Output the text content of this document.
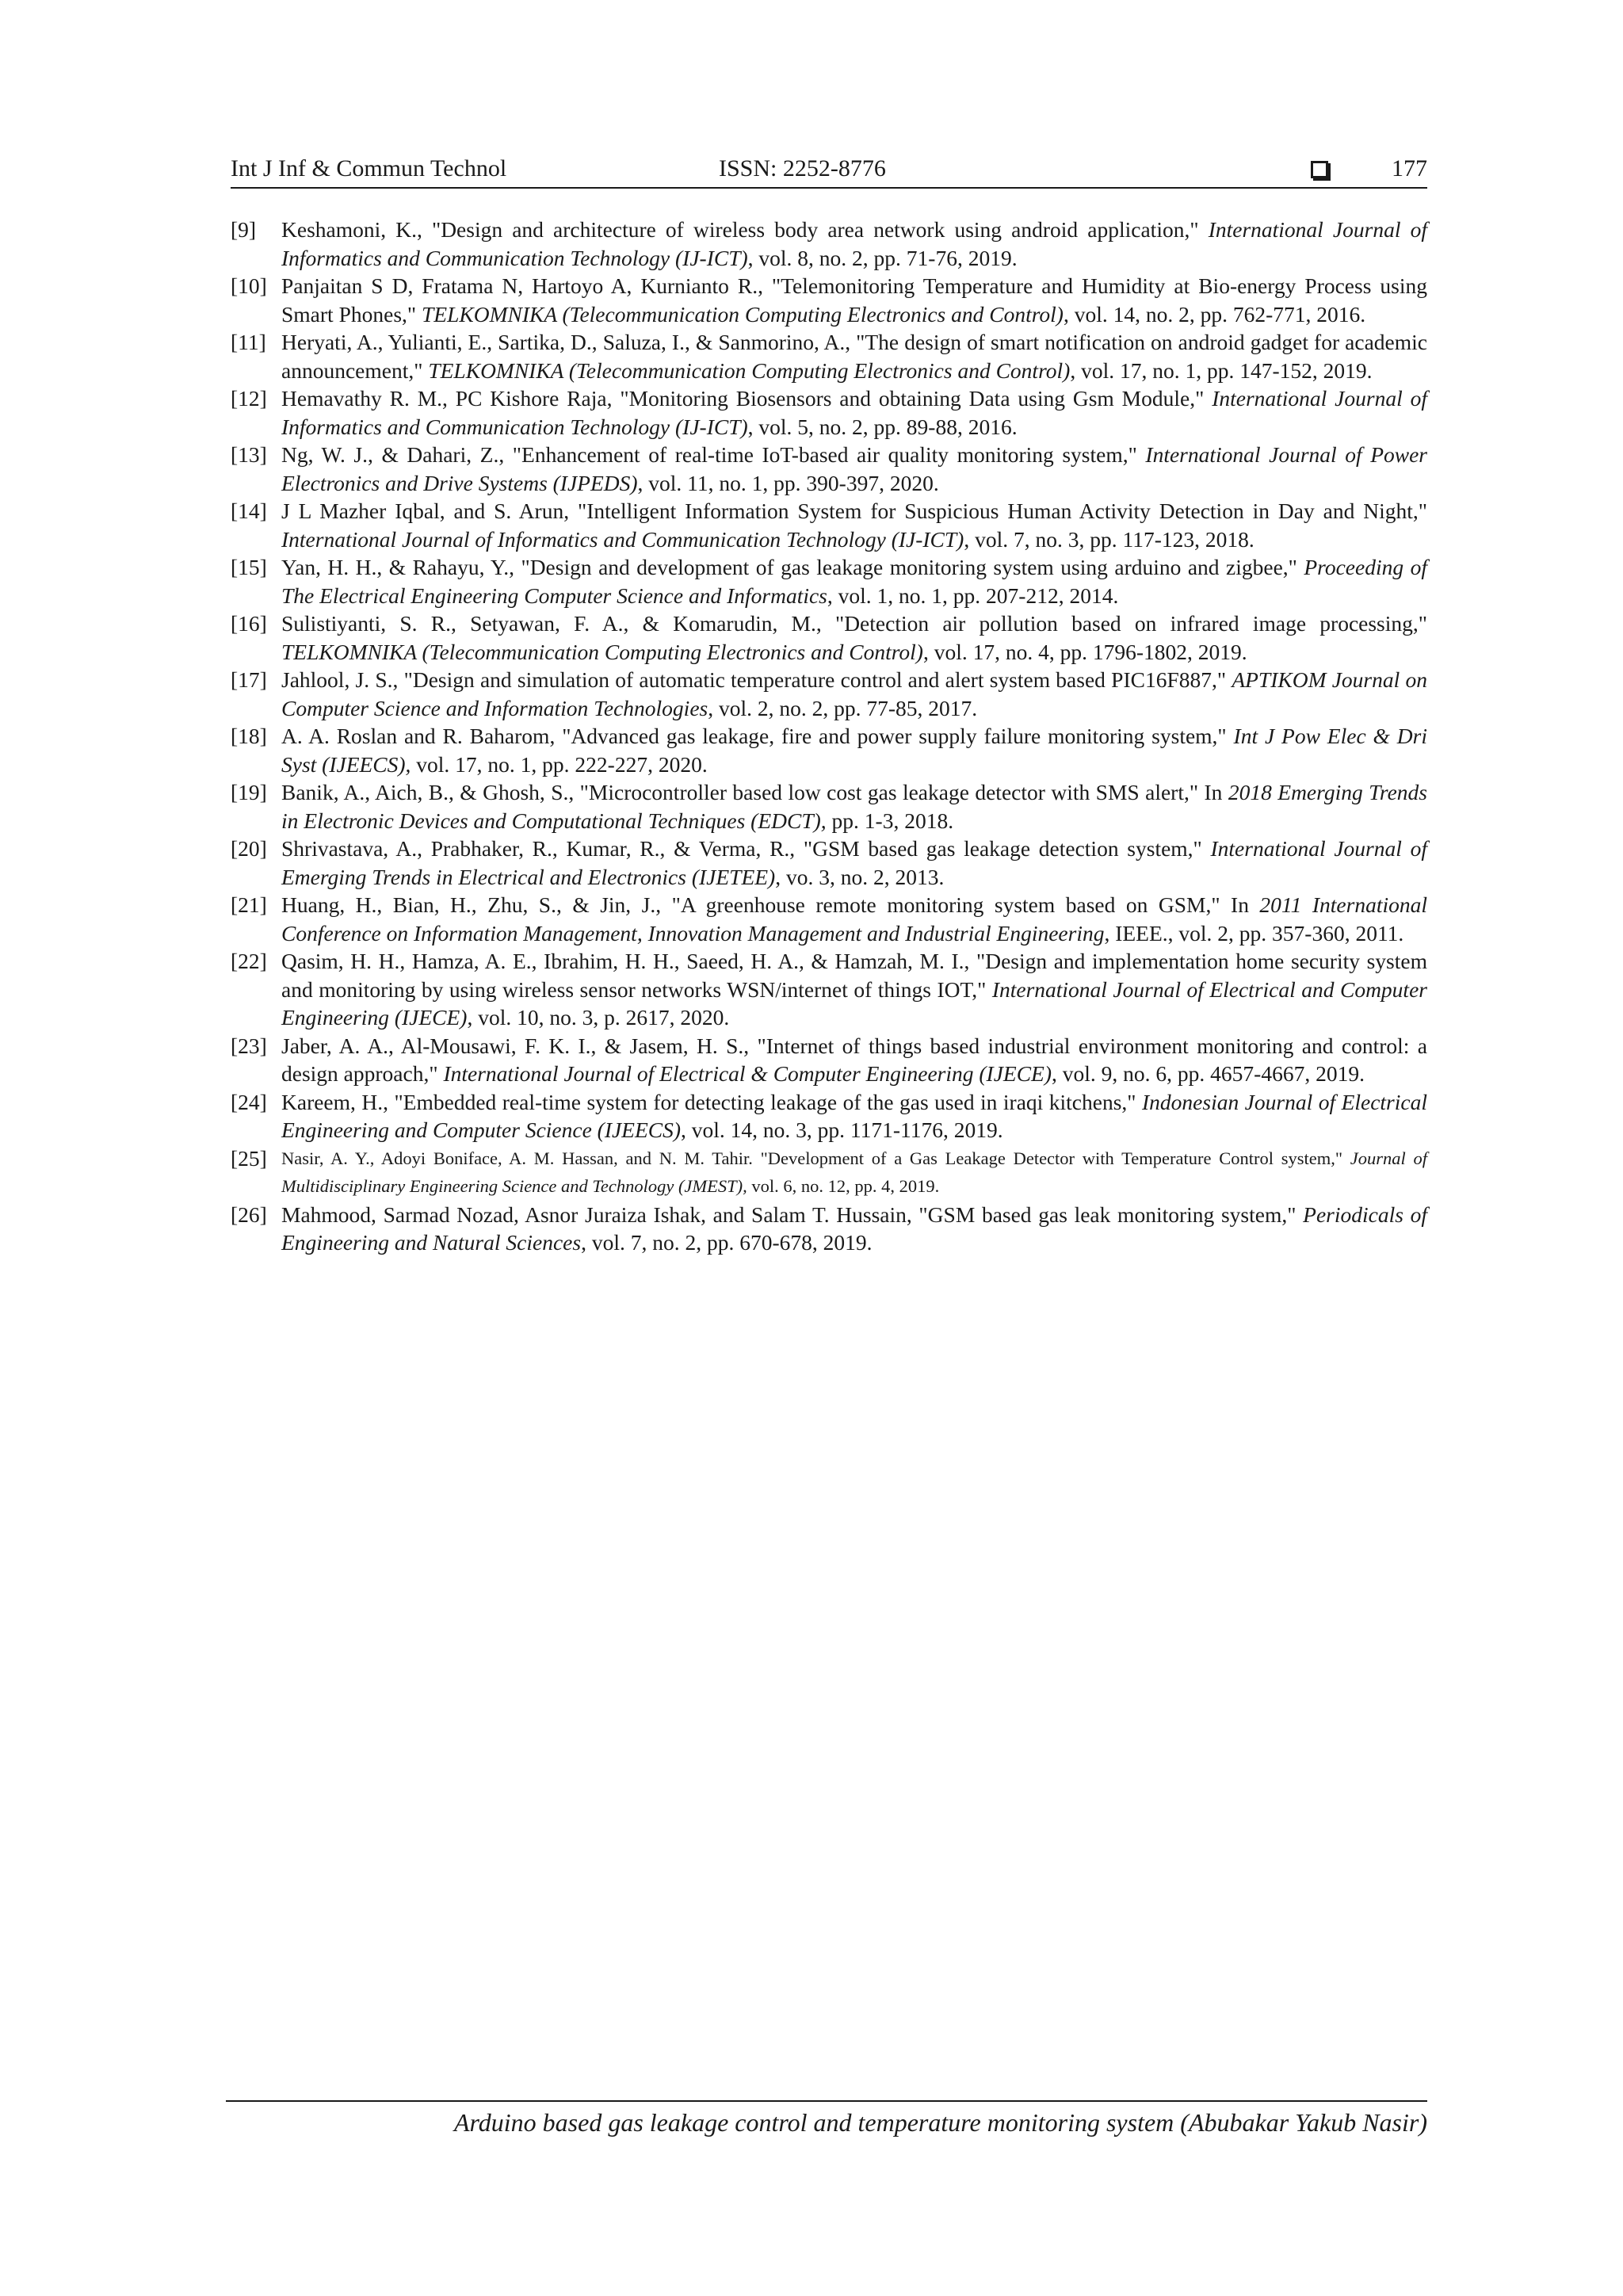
Int J Inf & Commun Technol	ISSN: 2252-8776	177
[9]	Keshamoni, K., "Design and architecture of wireless body area network using android application," International Journal of Informatics and Communication Technology (IJ-ICT), vol. 8, no. 2, pp. 71-76, 2019.
[10] Panjaitan S D, Fratama N, Hartoyo A, Kurnianto R., "Telemonitoring Temperature and Humidity at Bio-energy Process using Smart Phones," TELKOMNIKA (Telecommunication Computing Electronics and Control), vol. 14, no. 2, pp. 762-771, 2016.
[11] Heryati, A., Yulianti, E., Sartika, D., Saluza, I., & Sanmorino, A., "The design of smart notification on android gadget for academic announcement," TELKOMNIKA (Telecommunication Computing Electronics and Control), vol. 17, no. 1, pp. 147-152, 2019.
[12] Hemavathy R. M., PC Kishore Raja, "Monitoring Biosensors and obtaining Data using Gsm Module," International Journal of Informatics and Communication Technology (IJ-ICT), vol. 5, no. 2, pp. 89-88, 2016.
[13] Ng, W. J., & Dahari, Z., "Enhancement of real-time IoT-based air quality monitoring system," International Journal of Power Electronics and Drive Systems (IJPEDS), vol. 11, no. 1, pp. 390-397, 2020.
[14] J L Mazher Iqbal, and S. Arun, "Intelligent Information System for Suspicious Human Activity Detection in Day and Night," International Journal of Informatics and Communication Technology (IJ-ICT), vol. 7, no. 3, pp. 117-123, 2018.
[15] Yan, H. H., & Rahayu, Y., "Design and development of gas leakage monitoring system using arduino and zigbee," Proceeding of The Electrical Engineering Computer Science and Informatics, vol. 1, no. 1, pp. 207-212, 2014.
[16] Sulistiyanti, S. R., Setyawan, F. A., & Komarudin, M., "Detection air pollution based on infrared image processing," TELKOMNIKA (Telecommunication Computing Electronics and Control), vol. 17, no. 4, pp. 1796-1802, 2019.
[17] Jahlool, J. S., "Design and simulation of automatic temperature control and alert system based PIC16F887," APTIKOM Journal on Computer Science and Information Technologies, vol. 2, no. 2, pp. 77-85, 2017.
[18] A. A. Roslan and R. Baharom, "Advanced gas leakage, fire and power supply failure monitoring system," Int J Pow Elec & Dri Syst (IJEECS), vol. 17, no. 1, pp. 222-227, 2020.
[19] Banik, A., Aich, B., & Ghosh, S., "Microcontroller based low cost gas leakage detector with SMS alert," In 2018 Emerging Trends in Electronic Devices and Computational Techniques (EDCT), pp. 1-3, 2018.
[20] Shrivastava, A., Prabhaker, R., Kumar, R., & Verma, R., "GSM based gas leakage detection system," International Journal of Emerging Trends in Electrical and Electronics (IJETEE), vo. 3, no. 2, 2013.
[21] Huang, H., Bian, H., Zhu, S., & Jin, J., "A greenhouse remote monitoring system based on GSM," In 2011 International Conference on Information Management, Innovation Management and Industrial Engineering, IEEE., vol. 2, pp. 357-360, 2011.
[22] Qasim, H. H., Hamza, A. E., Ibrahim, H. H., Saeed, H. A., & Hamzah, M. I., "Design and implementation home security system and monitoring by using wireless sensor networks WSN/internet of things IOT," International Journal of Electrical and Computer Engineering (IJECE), vol. 10, no. 3, p. 2617, 2020.
[23] Jaber, A. A., Al-Mousawi, F. K. I., & Jasem, H. S., "Internet of things based industrial environment monitoring and control: a design approach," International Journal of Electrical & Computer Engineering (IJECE), vol. 9, no. 6, pp. 4657-4667, 2019.
[24] Kareem, H., "Embedded real-time system for detecting leakage of the gas used in iraqi kitchens," Indonesian Journal of Electrical Engineering and Computer Science (IJEECS), vol. 14, no. 3, pp. 1171-1176, 2019.
[25] Nasir, A. Y., Adoyi Boniface, A. M. Hassan, and N. M. Tahir. "Development of a Gas Leakage Detector with Temperature Control system," Journal of Multidisciplinary Engineering Science and Technology (JMEST), vol. 6, no. 12, pp. 4, 2019.
[26] Mahmood, Sarmad Nozad, Asnor Juraiza Ishak, and Salam T. Hussain, "GSM based gas leak monitoring system," Periodicals of Engineering and Natural Sciences, vol. 7, no. 2, pp. 670-678, 2019.
Arduino based gas leakage control and temperature monitoring system (Abubakar Yakub Nasir)
